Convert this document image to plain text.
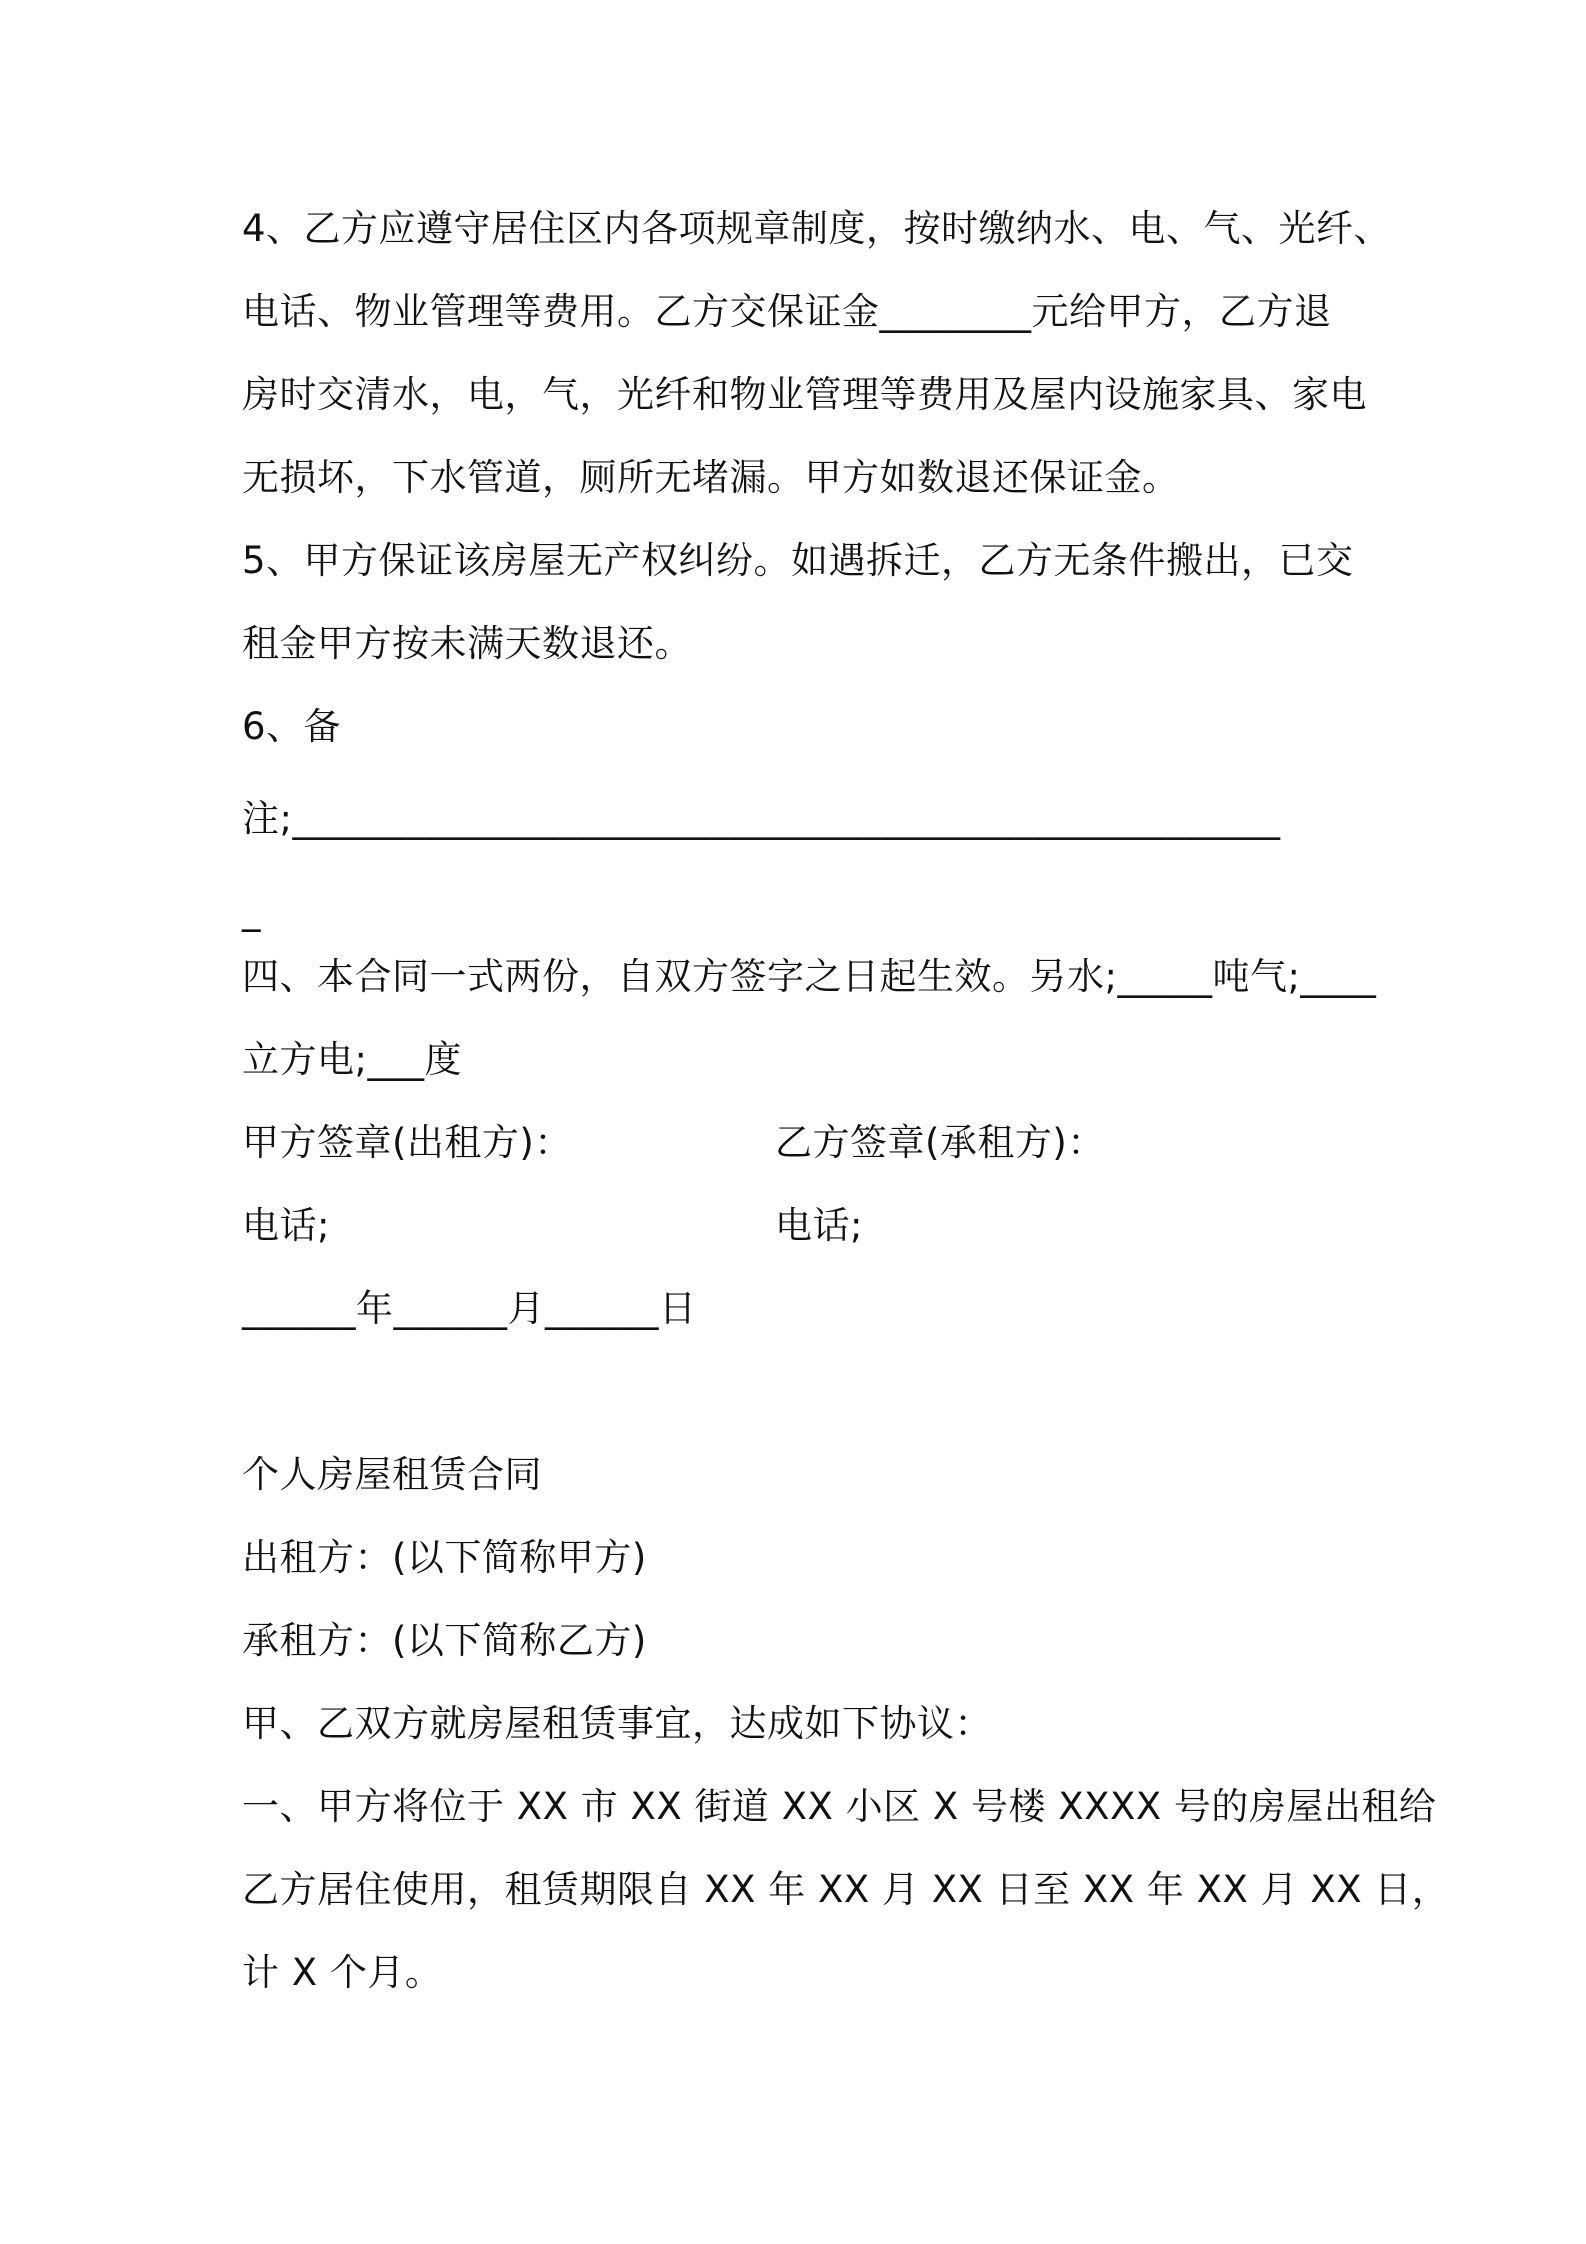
4、乙方应遵守居住区内各项规章制度，按时缴纳水、电、气、光纤、
电话、物业管理等费用。乙方交保证金________元给甲方，乙方退
房时交清水，电，气，光纤和物业管理等费用及屋内设施家具、家电
无损坏，下水管道，厕所无堵漏。甲方如数退还保证金。
5、甲方保证该房屋无产权纠纷。如遇拆迁，乙方无条件搬出，已交
租金甲方按未满天数退还。
6、备
注;____________________________________________________
_
四、本合同一式两份，自双方签字之日起生效。另水;_____吨气;____
立方电;___度
甲方签章(出租方)：	乙方签章(承租方)：
电话;	电话;
______年______月______日
个人房屋租赁合同
出租方：(以下简称甲方)
承租方：(以下简称乙方)
甲、乙双方就房屋租赁事宜，达成如下协议：
一、甲方将位于 XX 市 XX 街道 XX 小区 X 号楼 XXXX 号的房屋出租给
乙方居住使用，租赁期限自 XX 年 XX 月 XX 日至 XX 年 XX 月 XX 日，
计 X 个月。
